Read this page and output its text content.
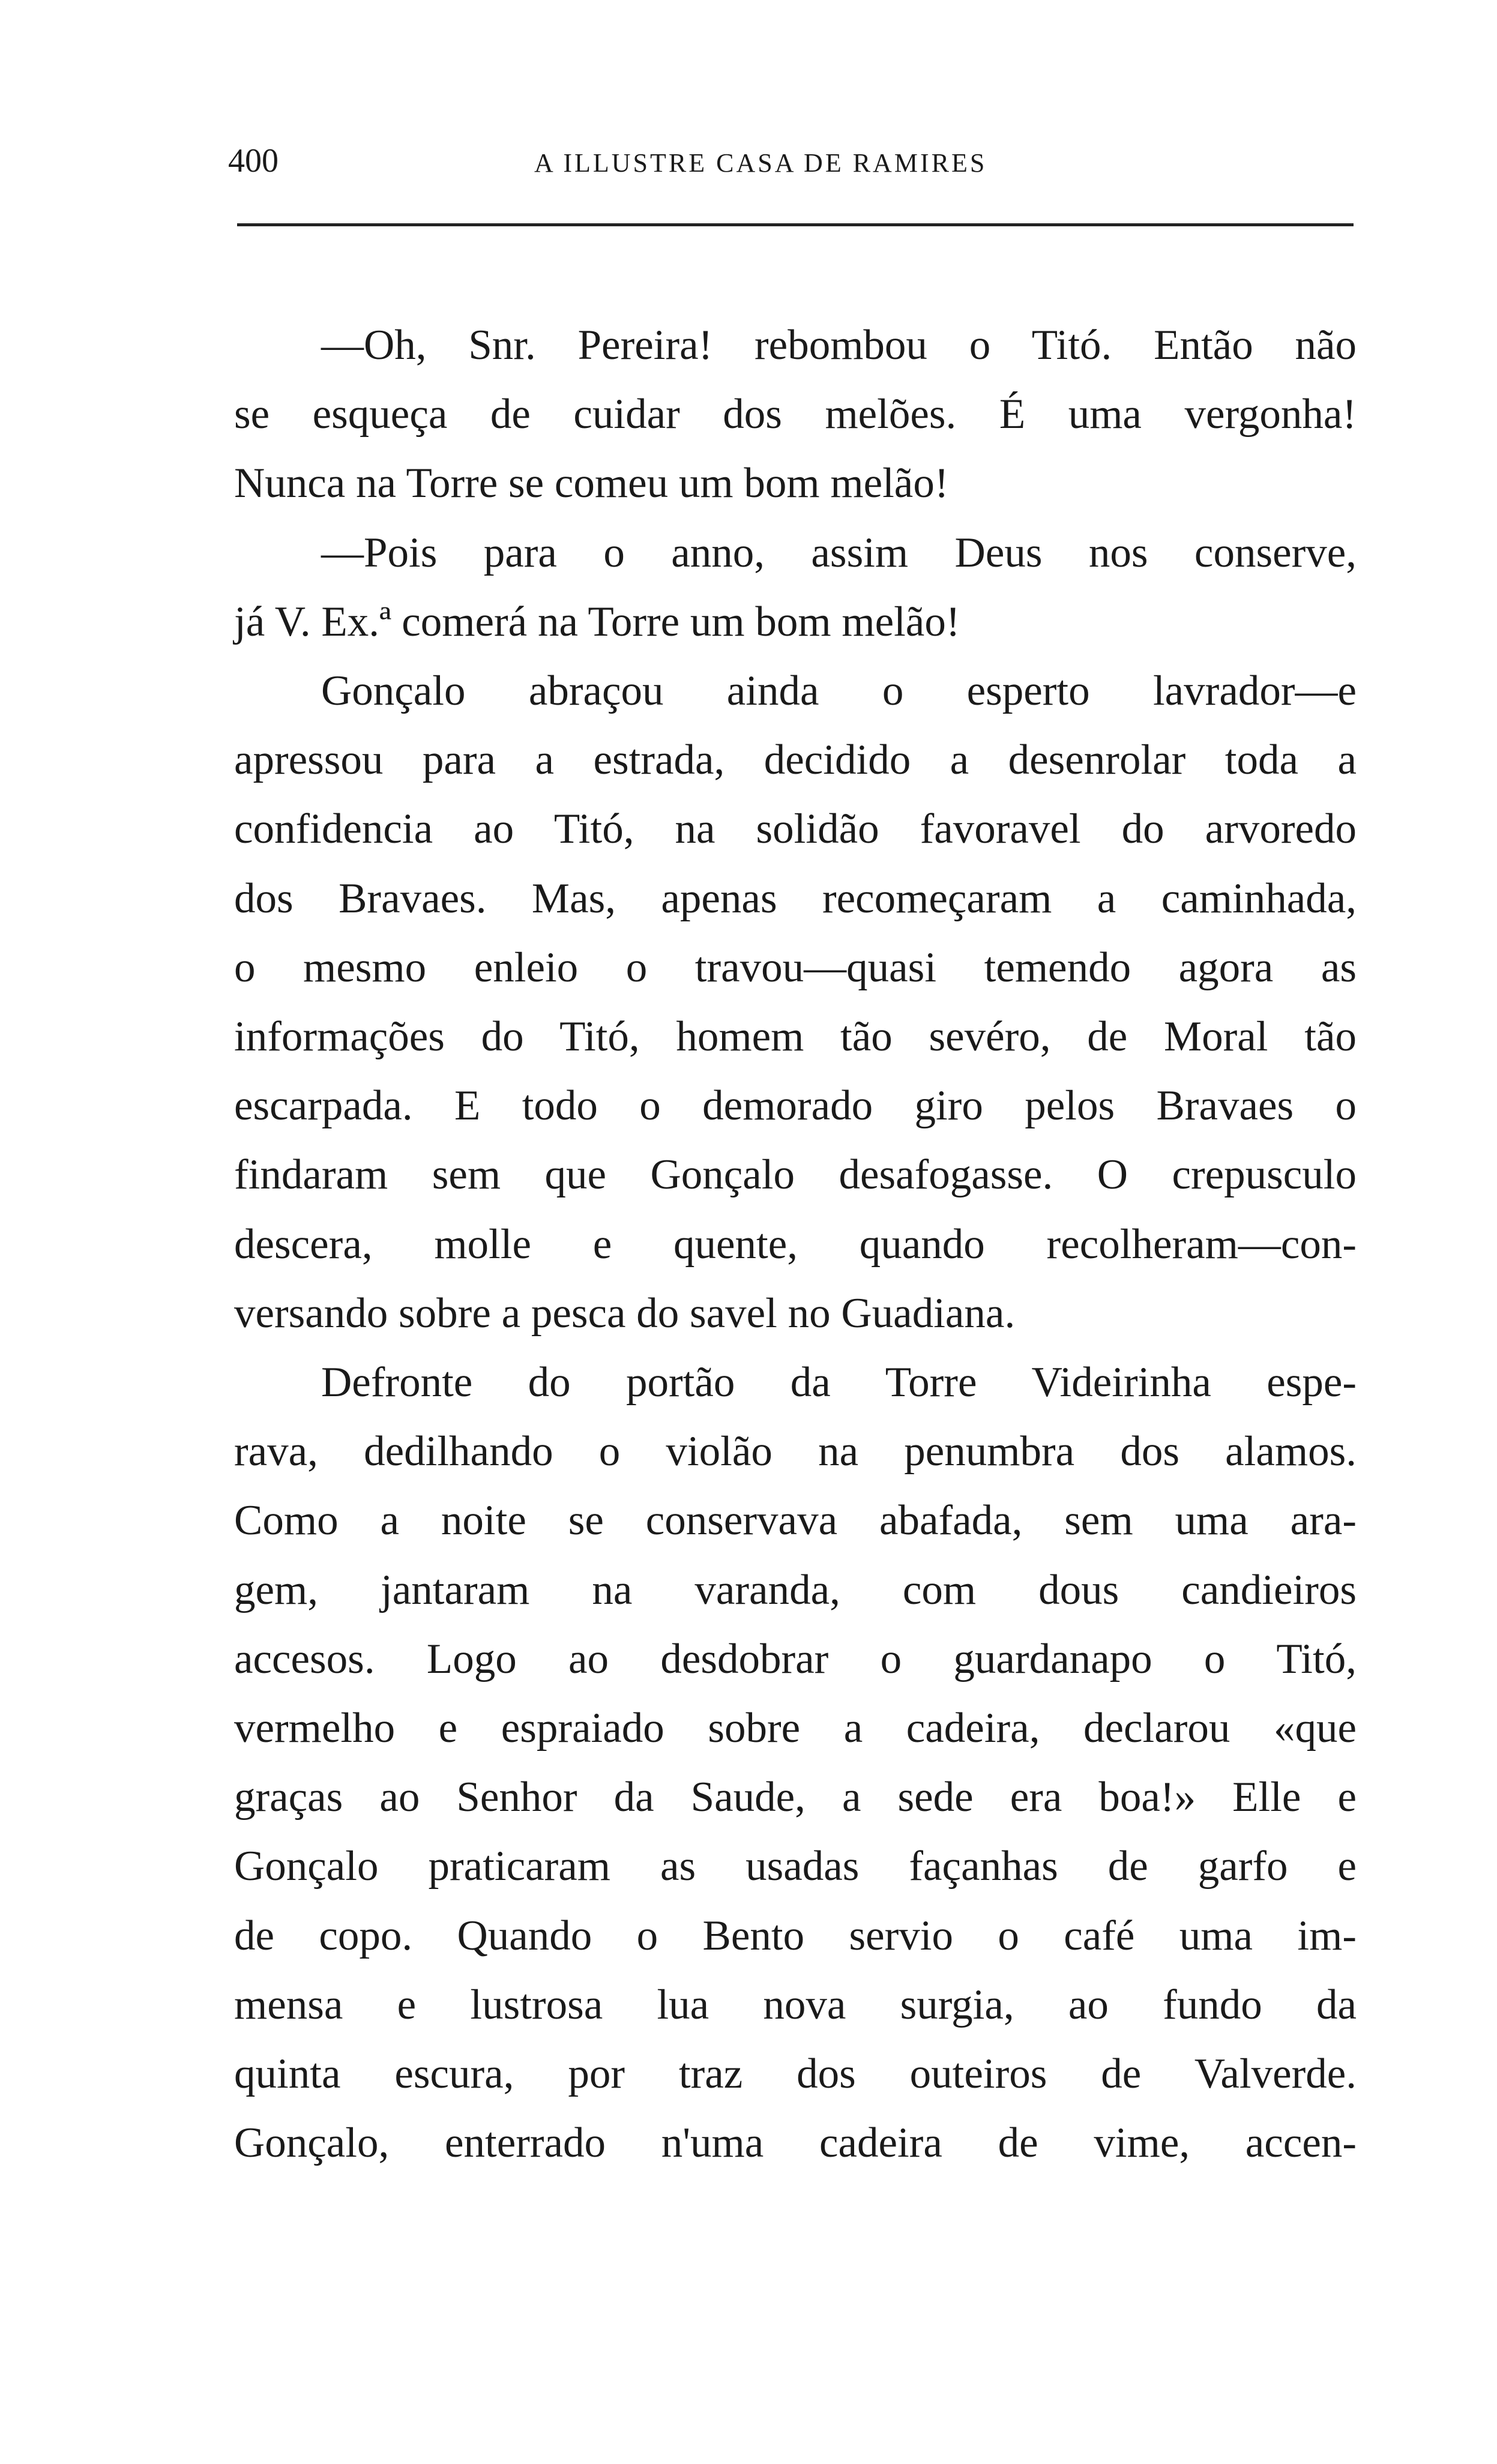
400	A ILLUSTRE CASA DE RAMIRES

—Oh, Snr. Pereira! rebombou o Titó. Então não
se esqueça de cuidar dos melões. É uma vergonha!
Nunca na Torre se comeu um bom melão!

—Pois para o anno, assim Deus nos conserve,
já V. Ex.ª comerá na Torre um bom melão!

Gonçalo abraçou ainda o esperto lavrador—e
apressou para a estrada, decidido a desenrolar toda a
confidencia ao Titó, na solidão favoravel do arvoredo
dos Bravaes. Mas, apenas recomeçaram a caminhada,
o mesmo enleio o travou—quasi temendo agora as
informações do Titó, homem tão sevéro, de Moral tão
escarpada. E todo o demorado giro pelos Bravaes o
findaram sem que Gonçalo desafogasse. O crepusculo
descera, molle e quente, quando recolheram—con-
versando sobre a pesca do savel no Guadiana.

Defronte do portão da Torre Videirinha espe-
rava, dedilhando o violão na penumbra dos alamos.
Como a noite se conservava abafada, sem uma ara-
gem, jantaram na varanda, com dous candieiros
accesos. Logo ao desdobrar o guardanapo o Titó,
vermelho e espraiado sobre a cadeira, declarou «que
graças ao Senhor da Saude, a sede era boa!» Elle e
Gonçalo praticaram as usadas façanhas de garfo e
de copo. Quando o Bento servio o café uma im-
mensa e lustrosa lua nova surgia, ao fundo da
quinta escura, por traz dos outeiros de Valverde.
Gonçalo, enterrado n'uma cadeira de vime, accen-
